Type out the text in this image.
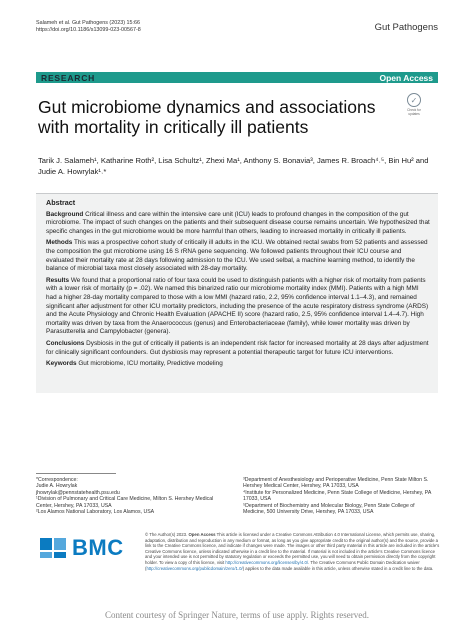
Salameh et al. Gut Pathogens (2023) 15:66
https://doi.org/10.1186/s13099-023-00567-8	Gut Pathogens
RESEARCH	Open Access
Gut microbiome dynamics and associations with mortality in critically ill patients
✓
Check for updates
Tarik J. Salameh¹, Katharine Roth², Lisa Schultz¹, Zhexi Ma¹, Anthony S. Bonavia³, James R. Broach⁴˒⁵, Bin Hu² and Judie A. Howrylak¹˒*
Abstract

Background Critical illness and care within the intensive care unit (ICU) leads to profound changes in the composition of the gut microbiome. The impact of such changes on the patients and their subsequent disease course remains uncertain. We hypothesized that specific changes in the gut microbiome would be more harmful than others, leading to increased mortality in critically ill patients.

Methods This was a prospective cohort study of critically ill adults in the ICU. We obtained rectal swabs from 52 patients and assessed the composition the gut microbiome using 16 S rRNA gene sequencing. We followed patients throughout their ICU course and evaluated their mortality rate at 28 days following admission to the ICU. We used selbal, a machine learning method, to identify the balance of microbial taxa most closely associated with 28-day mortality.

Results We found that a proportional ratio of four taxa could be used to distinguish patients with a higher risk of mortality from patients with a lower risk of mortality (p = .02). We named this binarized ratio our microbiome mortality index (MMI). Patients with a high MMI had a higher 28-day mortality compared to those with a low MMI (hazard ratio, 2.2, 95% confidence interval 1.1–4.3), and remained significant after adjustment for other ICU mortality predictors, including the presence of the acute respiratory distress syndrome (ARDS) and the Acute Physiology and Chronic Health Evaluation (APACHE II) score (hazard ratio, 2.5, 95% confidence interval 1.4–4.7). High mortality was driven by taxa from the Anaerococcus (genus) and Enterobacteriaceae (family), while lower mortality was driven by Parasutterella and Campylobacter (genera).

Conclusions Dysbiosis in the gut of critically ill patients is an independent risk factor for increased mortality at 28 days after adjustment for clinically significant confounders. Gut dysbiosis may represent a potential therapeutic target for future ICU interventions.

Keywords Gut microbiome, ICU mortality, Predictive modeling

*Correspondence:
Judie A. Howrylak
jhowrylak@pennstatehealth.psu.edu
¹Division of Pulmonary and Critical Care Medicine, Milton S. Hershey Medical Center, Hershey, PA 17033, USA
²Los Alamos National Laboratory, Los Alamos, USA
³Department of Anesthesiology and Perioperative Medicine, Penn State Milton S. Hershey Medical Center, Hershey, PA 17033, USA
⁴Institute for Personalized Medicine, Penn State College of Medicine, Hershey, PA 17033, USA
⁵Department of Biochemistry and Molecular Biology, Penn State College of Medicine, 500 University Drive, Hershey, PA 17033, USA
BMC
© The Author(s) 2023. Open Access This article is licensed under a Creative Commons Attribution 4.0 International License, which permits use, sharing, adaptation, distribution and reproduction in any medium or format, as long as you give appropriate credit to the original author(s) and the source, provide a link to the Creative Commons licence, and indicate if changes were made. The images or other third party material in this article are included in the article's Creative Commons licence, unless indicated otherwise in a credit line to the material. If material is not included in the article's Creative Commons licence and your intended use is not permitted by statutory regulation or exceeds the permitted use, you will need to obtain permission directly from the copyright holder. To view a copy of this licence, visit http://creativecommons.org/licenses/by/4.0/. The Creative Commons Public Domain Dedication waiver (http://creativecommons.org/publicdomain/zero/1.0/) applies to the data made available in this article, unless otherwise stated in a credit line to the data.
Content courtesy of Springer Nature, terms of use apply. Rights reserved.
